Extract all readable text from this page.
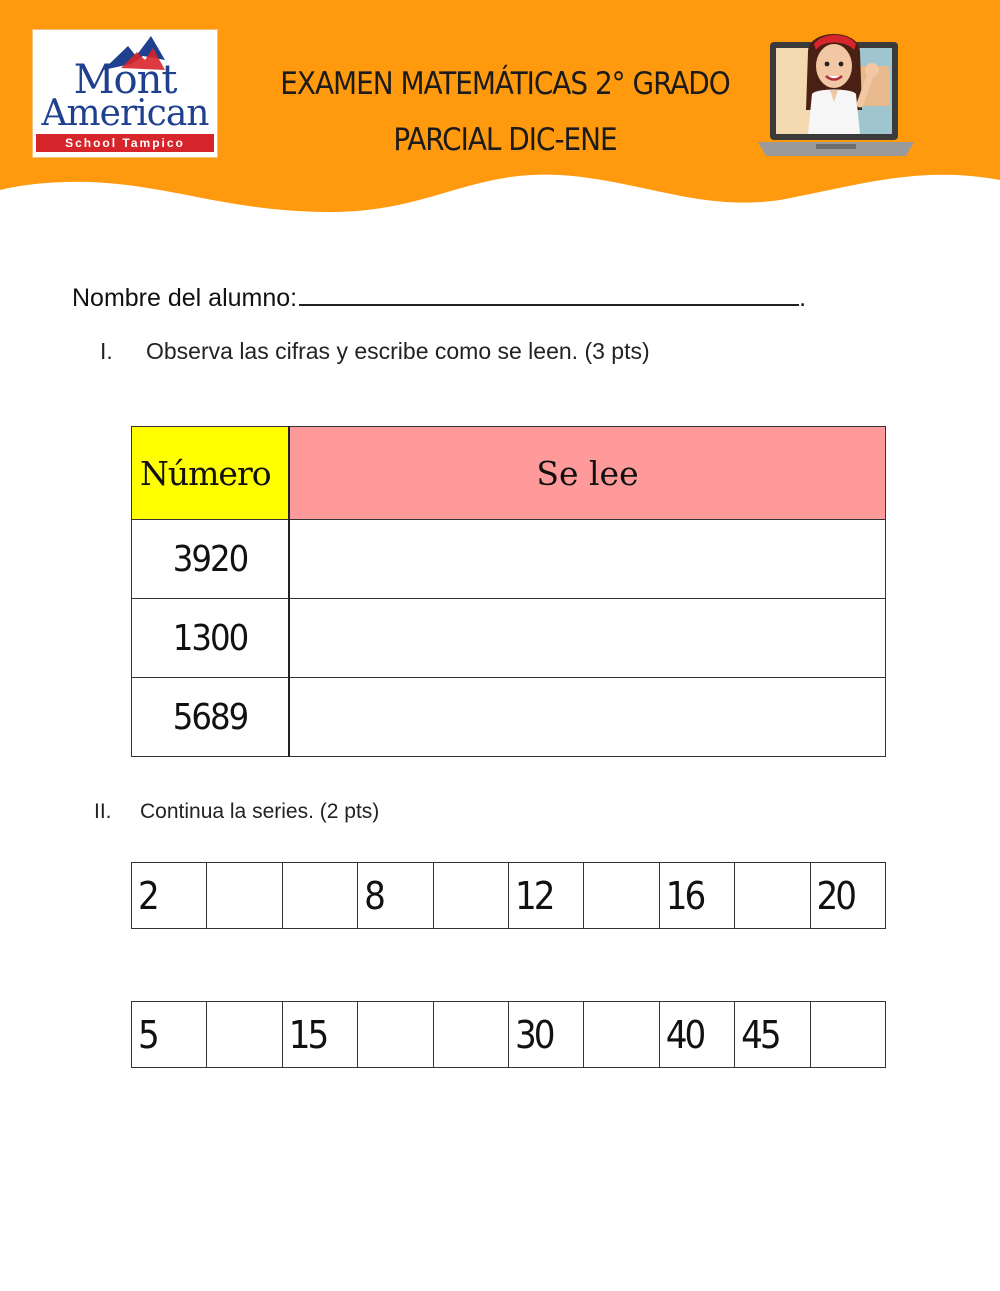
Mont
American
School Tampico
EXAMEN MATEMÁTICAS 2° GRADO
PARCIAL DIC-ENE
Nombre del alumno:	.
I. Observa las cifras y escribe como se leen. (3 pts)
Número	Se lee
3920	
1300	
5689	
II. Continua la series. (2 pts)
2			8		12		16		20
5		15			30		40	45	
